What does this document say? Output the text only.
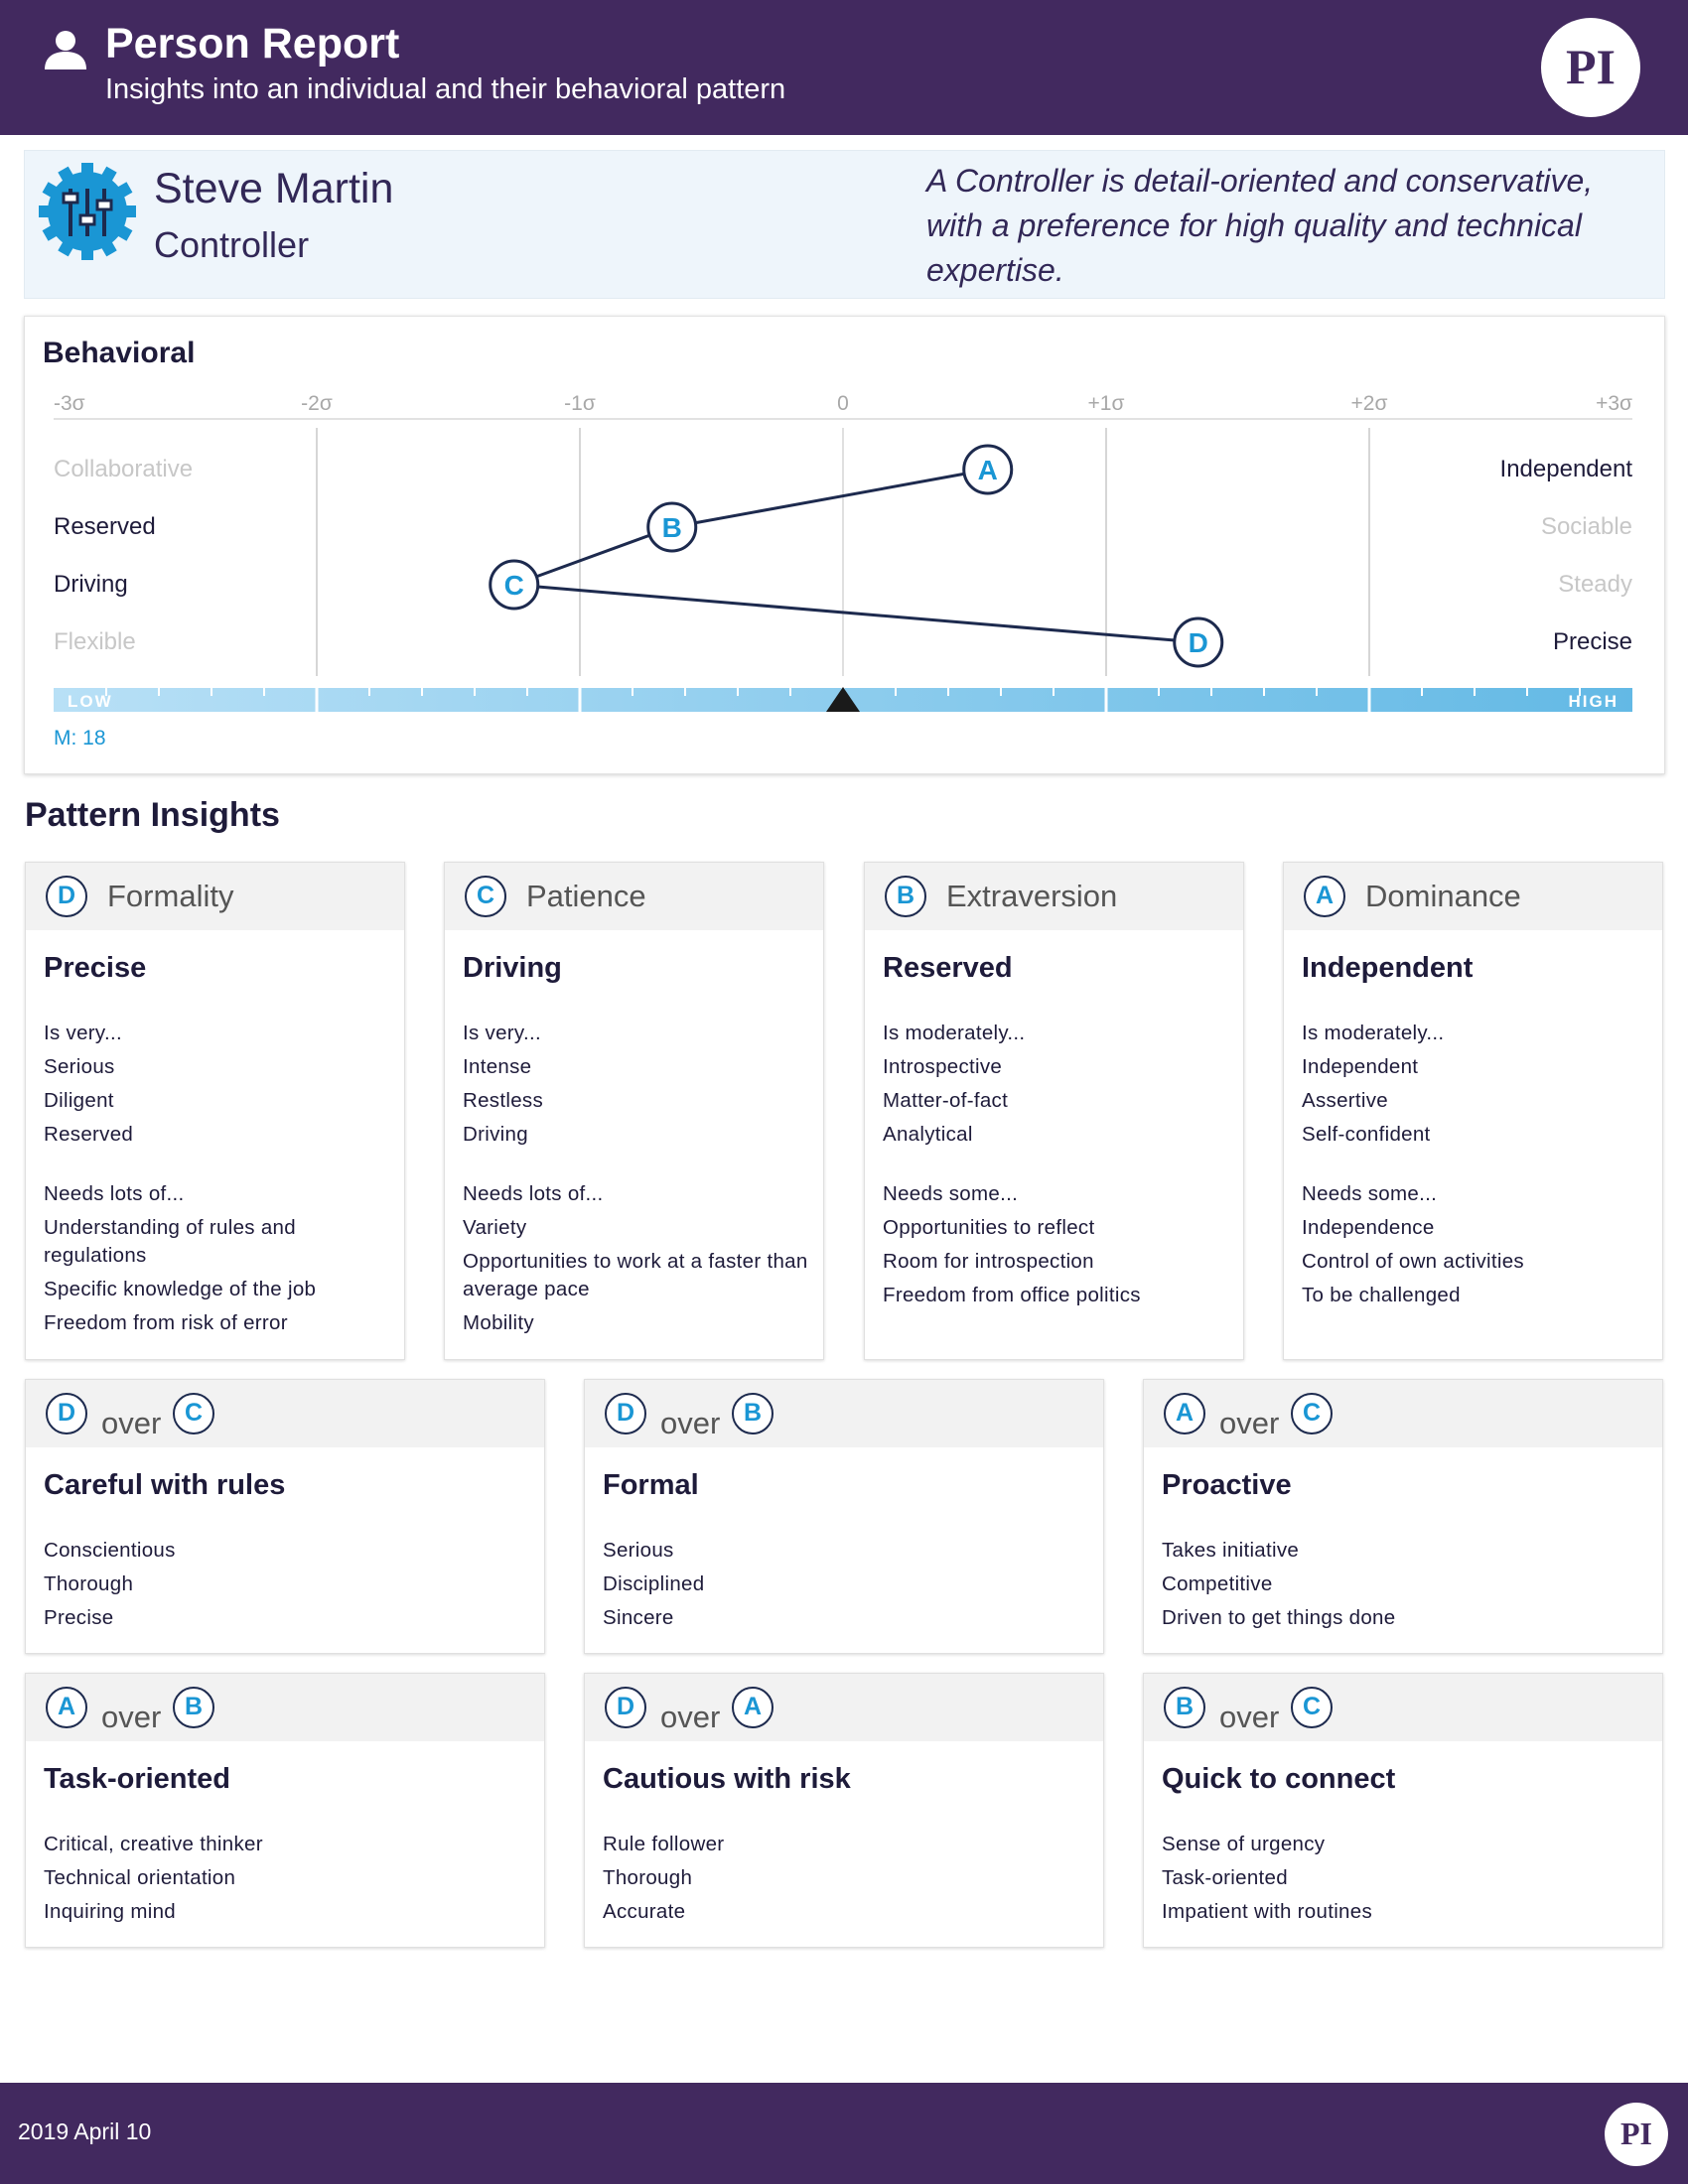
Person Report
Insights into an individual and their behavioral pattern	PI
Steve Martin
Controller
A Controller is detail-oriented and conservative, with a preference for high quality and technical expertise.
Behavioral
-3σ	-2σ	-1σ	0	+1σ	+2σ	+3σ
Collaborative
Reserved
Driving
Flexible
Independent
Sociable
Steady
Precise
A
B
C
D
LOW	HIGH
M: 18
Pattern Insights
D	Formality
Precise
Is very...
Serious
Diligent
Reserved
Needs lots of...
Understanding of rules and regulations
Specific knowledge of the job
Freedom from risk of error
C	Patience
Driving
Is very...
Intense
Restless
Driving
Needs lots of...
Variety
Opportunities to work at a faster than average pace
Mobility
B	Extraversion
Reserved
Is moderately...
Introspective
Matter-of-fact
Analytical
Needs some...
Opportunities to reflect
Room for introspection
Freedom from office politics
A	Dominance
Independent
Is moderately...
Independent
Assertive
Self-confident
Needs some...
Independence
Control of own activities
To be challenged
D over C
Careful with rules
Conscientious
Thorough
Precise
D over B
Formal
Serious
Disciplined
Sincere
A over C
Proactive
Takes initiative
Competitive
Driven to get things done
A over B
Task-oriented
Critical, creative thinker
Technical orientation
Inquiring mind
D over A
Cautious with risk
Rule follower
Thorough
Accurate
B over C
Quick to connect
Sense of urgency
Task-oriented
Impatient with routines
2019 April 10	PI
